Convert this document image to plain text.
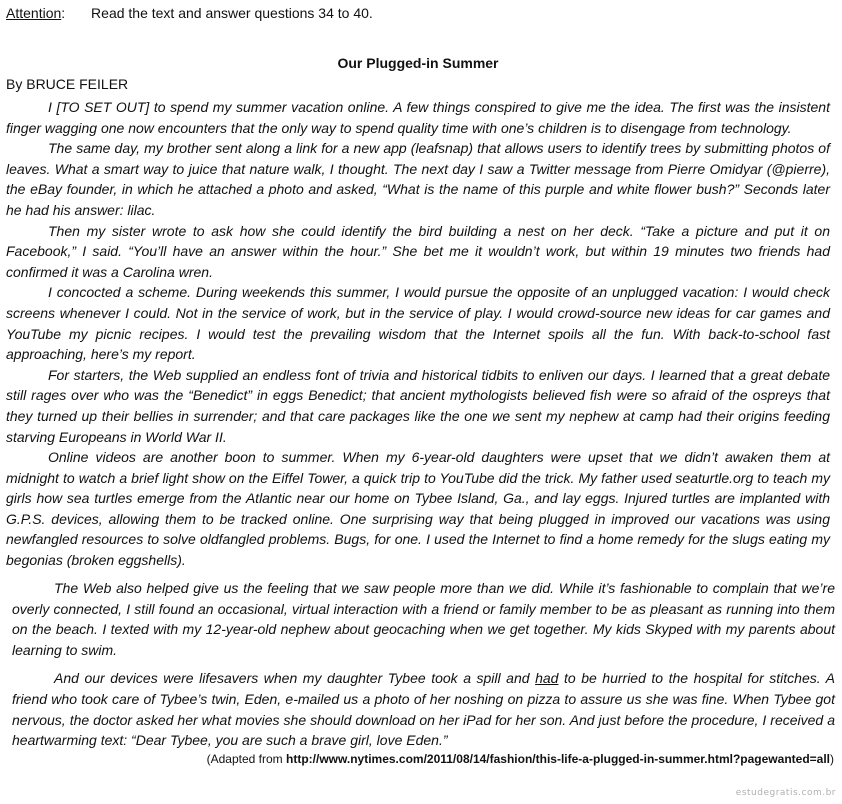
Attention: Read the text and answer questions 34 to 40.
Our Plugged-in Summer
By BRUCE FEILER

I [TO SET OUT] to spend my summer vacation online. A few things conspired to give me the idea. The first was the insistent finger wagging one now encounters that the only way to spend quality time with one’s children is to disengage from technology.

The same day, my brother sent along a link for a new app (leafsnap) that allows users to identify trees by submitting photos of leaves. What a smart way to juice that nature walk, I thought. The next day I saw a Twitter message from Pierre Omidyar (@pierre), the eBay founder, in which he attached a photo and asked, “What is the name of this purple and white flower bush?” Seconds later he had his answer: lilac.

Then my sister wrote to ask how she could identify the bird building a nest on her deck. “Take a picture and put it on Facebook,” I said. “You’ll have an answer within the hour.” She bet me it wouldn’t work, but within 19 minutes two friends had confirmed it was a Carolina wren.

I concocted a scheme. During weekends this summer, I would pursue the opposite of an unplugged vacation: I would check screens whenever I could. Not in the service of work, but in the service of play. I would crowd-source new ideas for car games and YouTube my picnic recipes. I would test the prevailing wisdom that the Internet spoils all the fun. With back-to-school fast approaching, here’s my report.

For starters, the Web supplied an endless font of trivia and historical tidbits to enliven our days. I learned that a great debate still rages over who was the “Benedict” in eggs Benedict; that ancient mythologists believed fish were so afraid of the ospreys that they turned up their bellies in surrender; and that care packages like the one we sent my nephew at camp had their origins feeding starving Europeans in World War II.

Online videos are another boon to summer. When my 6-year-old daughters were upset that we didn’t awaken them at midnight to watch a brief light show on the Eiffel Tower, a quick trip to YouTube did the trick. My father used seaturtle.org to teach my girls how sea turtles emerge from the Atlantic near our home on Tybee Island, Ga., and lay eggs. Injured turtles are implanted with G.P.S. devices, allowing them to be tracked online. One surprising way that being plugged in improved our vacations was using newfangled resources to solve oldfangled problems. Bugs, for one. I used the Internet to find a home remedy for the slugs eating my begonias (broken eggshells).

The Web also helped give us the feeling that we saw people more than we did. While it’s fashionable to complain that we’re overly connected, I still found an occasional, virtual interaction with a friend or family member to be as pleasant as running into them on the beach. I texted with my 12-year-old nephew about geocaching when we get together. My kids Skyped with my parents about learning to swim.

And our devices were lifesavers when my daughter Tybee took a spill and had to be hurried to the hospital for stitches. A friend who took care of Tybee’s twin, Eden, e-mailed us a photo of her noshing on pizza to assure us she was fine. When Tybee got nervous, the doctor asked her what movies she should download on her iPad for her son. And just before the procedure, I received a heartwarming text: “Dear Tybee, you are such a brave girl, love Eden.”

(Adapted from http://www.nytimes.com/2011/08/14/fashion/this-life-a-plugged-in-summer.html?pagewanted=all)
estudegratis.com.br
